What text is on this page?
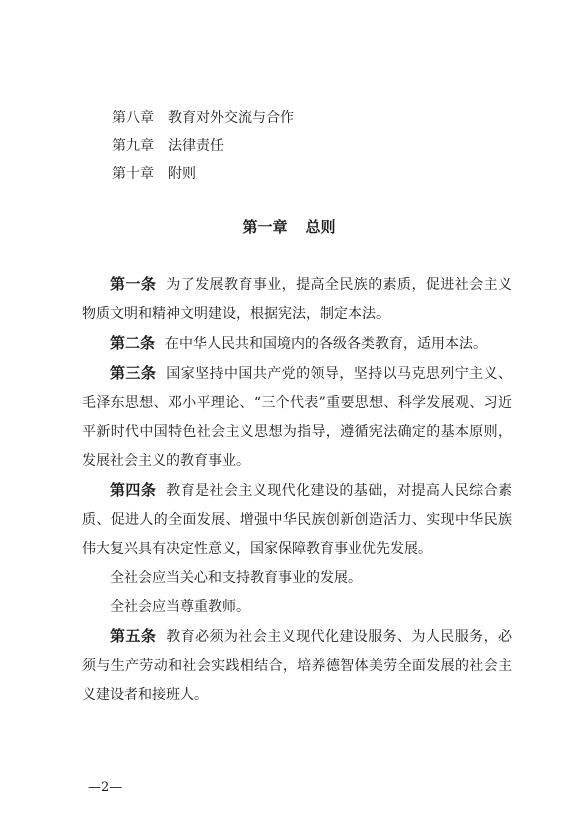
第八章 教育对外交流与合作
第九章 法律责任
第十章 附则
第一章 总则

第一条 为了发展教育事业，提高全民族的素质，促进社会主义物质文明和精神文明建设，根据宪法，制定本法。

第二条 在中华人民共和国境内的各级各类教育，适用本法。

第三条 国家坚持中国共产党的领导，坚持以马克思列宁主义、毛泽东思想、邓小平理论、“三个代表”重要思想、科学发展观、习近平新时代中国特色社会主义思想为指导，遵循宪法确定的基本原则，发展社会主义的教育事业。

第四条 教育是社会主义现代化建设的基础，对提高人民综合素质、促进人的全面发展、增强中华民族创新创造活力、实现中华民族伟大复兴具有决定性意义，国家保障教育事业优先发展。

全社会应当关心和支持教育事业的发展。

全社会应当尊重教师。

第五条 教育必须为社会主义现代化建设服务、为人民服务，必须与生产劳动和社会实践相结合，培养德智体美劳全面发展的社会主义建设者和接班人。

—2—
